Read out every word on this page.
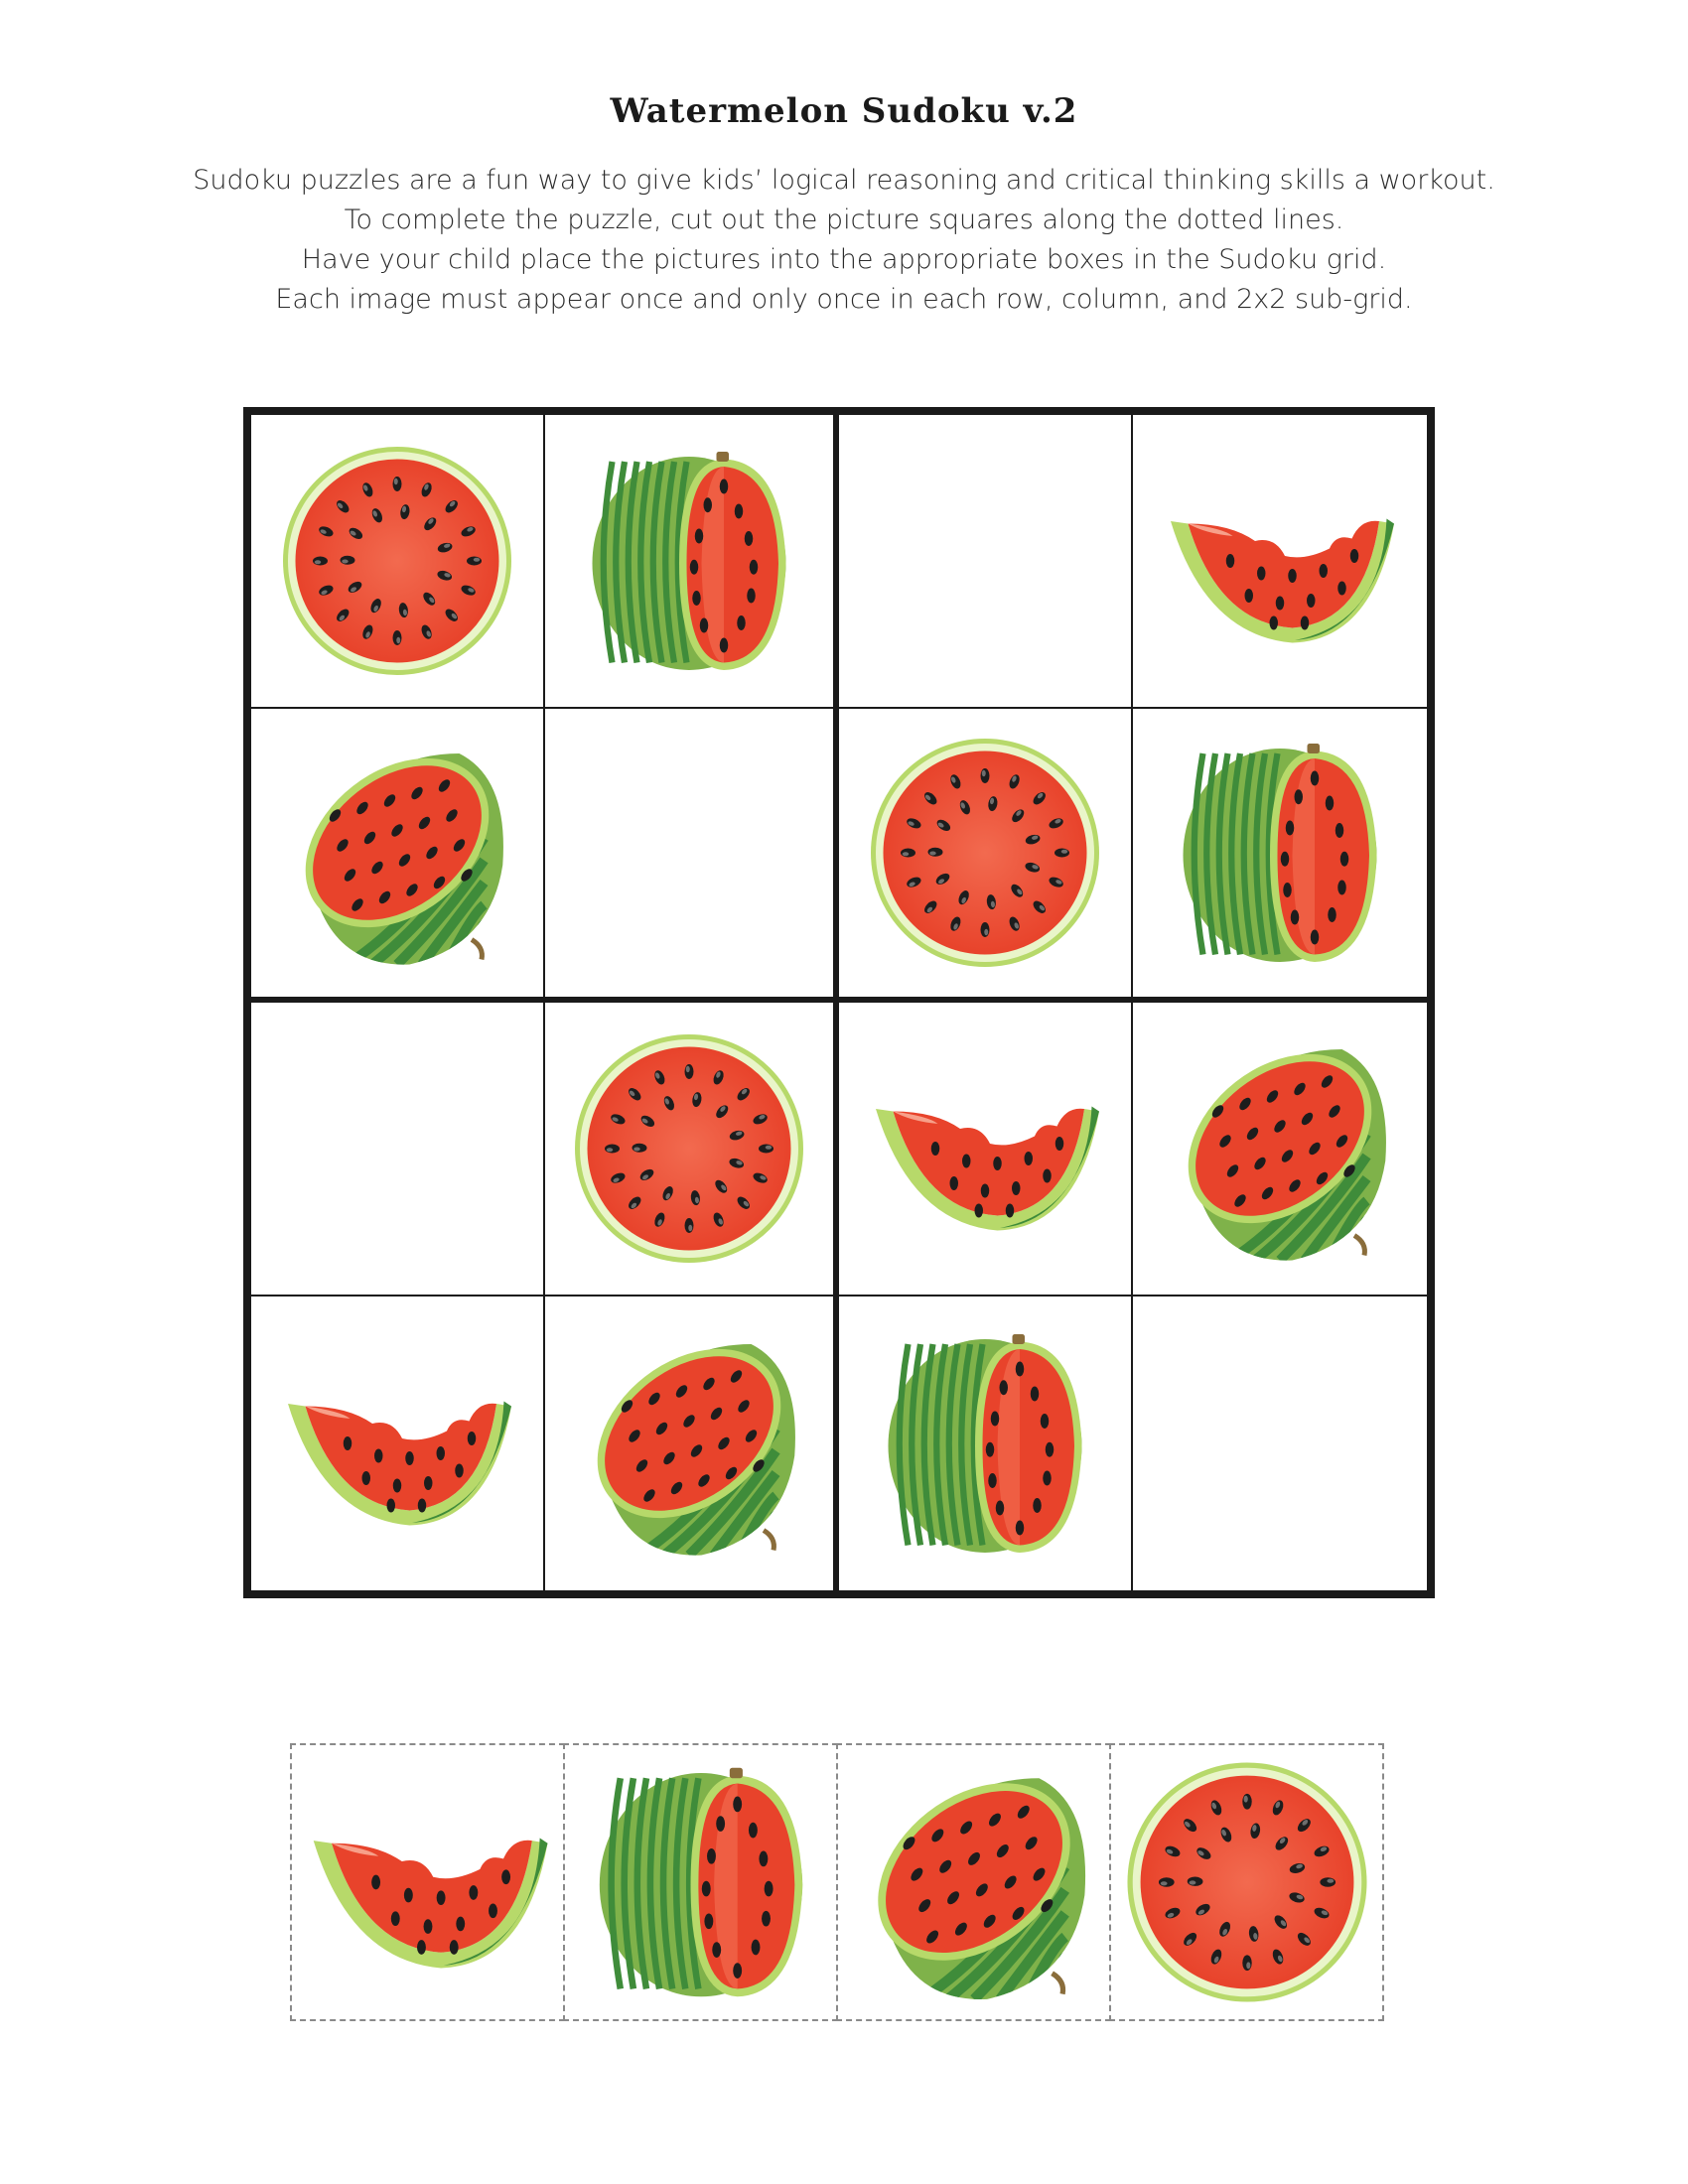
Watermelon Sudoku v.2
Sudoku puzzles are a fun way to give kids’ logical reasoning and critical thinking skills a workout.
To complete the puzzle, cut out the picture squares along the dotted lines.
Have your child place the pictures into the appropriate boxes in the Sudoku grid.
Each image must appear once and only once in each row, column, and 2x2 sub-grid.
